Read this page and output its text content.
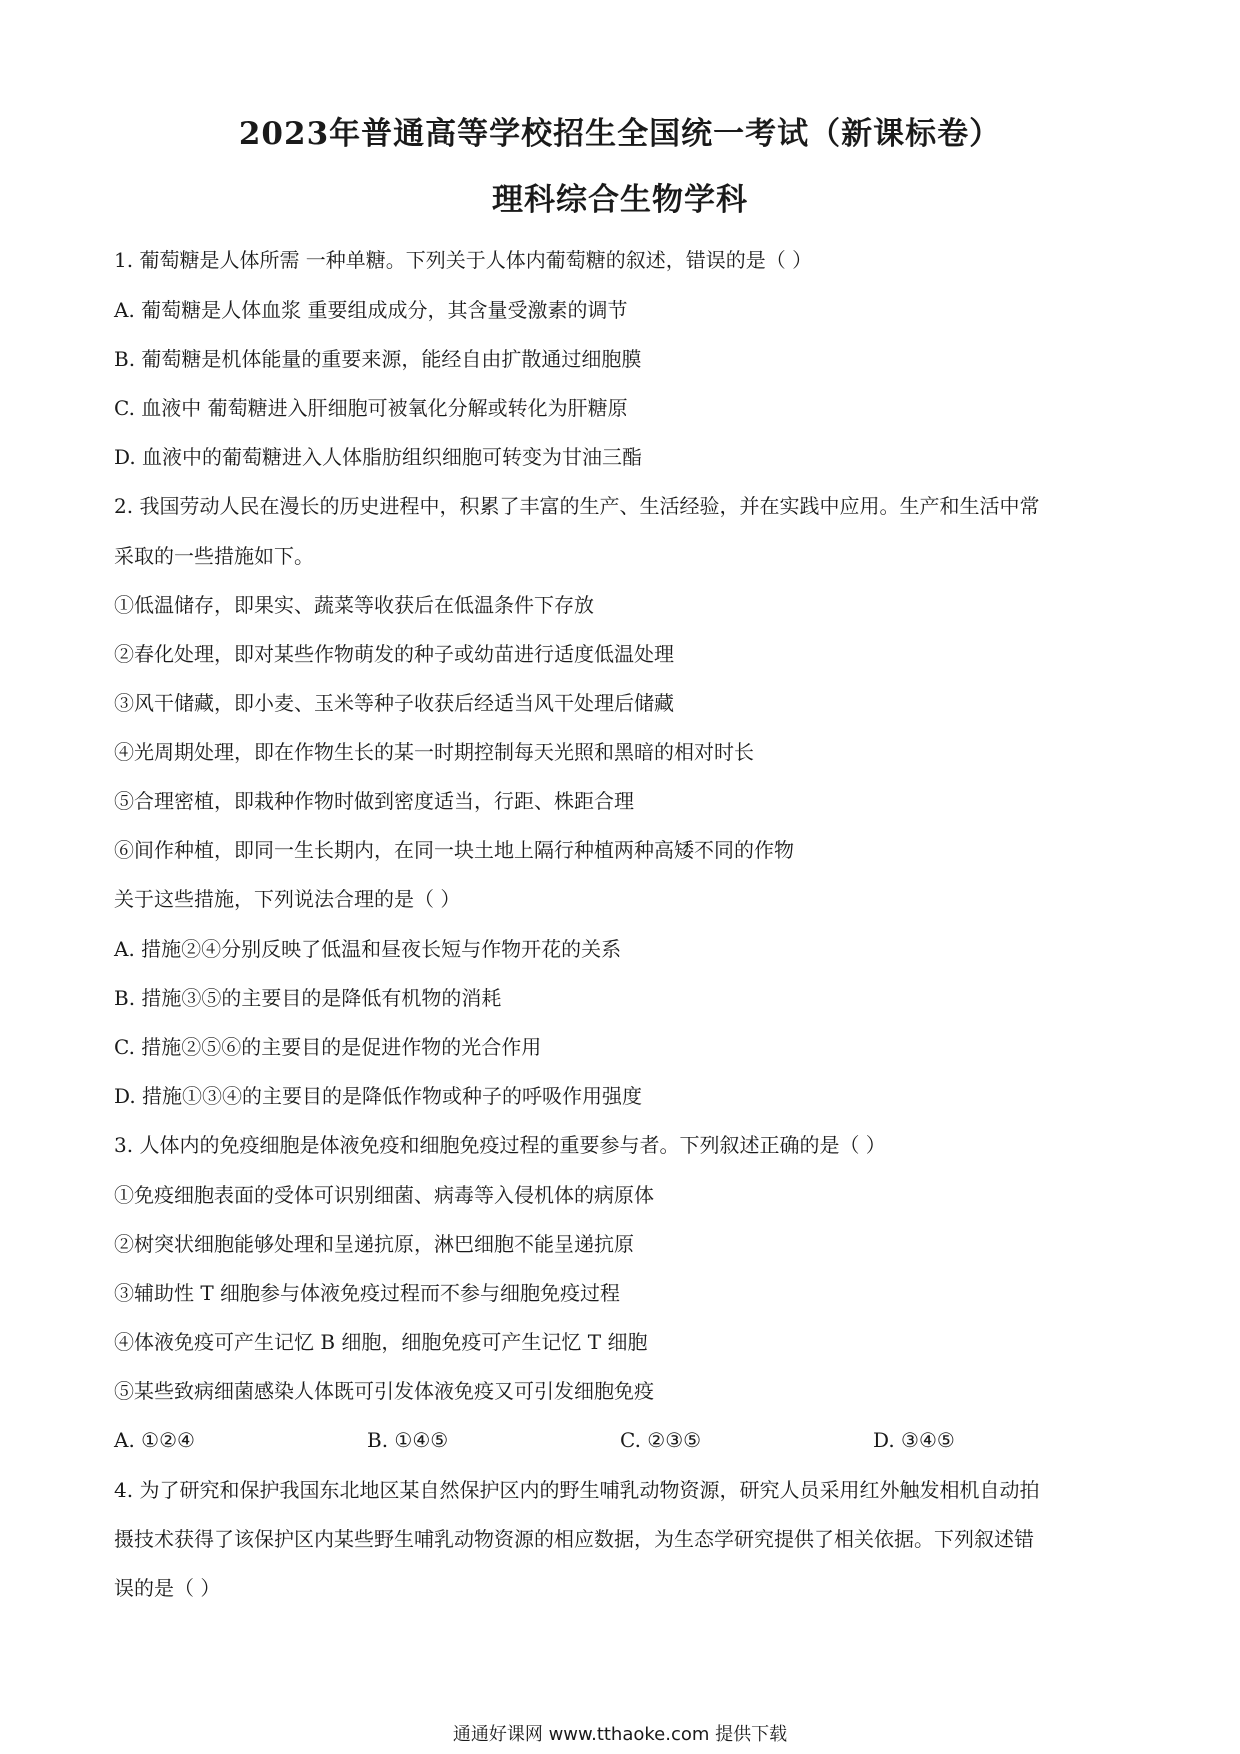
2023年普通高等学校招生全国统一考试（新课标卷）
理科综合生物学科
1. 葡萄糖是人体所需 一种单糖。下列关于人体内葡萄糖的叙述，错误的是（ ）
A. 葡萄糖是人体血浆 重要组成成分，其含量受激素的调节
B. 葡萄糖是机体能量的重要来源，能经自由扩散通过细胞膜
C. 血液中 葡萄糖进入肝细胞可被氧化分解或转化为肝糖原
D. 血液中的葡萄糖进入人体脂肪组织细胞可转变为甘油三酯
2. 我国劳动人民在漫长的历史进程中，积累了丰富的生产、生活经验，并在实践中应用。生产和生活中常
采取的一些措施如下。
①低温储存，即果实、蔬菜等收获后在低温条件下存放
②春化处理，即对某些作物萌发的种子或幼苗进行适度低温处理
③风干储藏，即小麦、玉米等种子收获后经适当风干处理后储藏
④光周期处理，即在作物生长的某一时期控制每天光照和黑暗的相对时长
⑤合理密植，即栽种作物时做到密度适当，行距、株距合理
⑥间作种植，即同一生长期内，在同一块土地上隔行种植两种高矮不同的作物
关于这些措施，下列说法合理的是（ ）
A. 措施②④分别反映了低温和昼夜长短与作物开花的关系
B. 措施③⑤的主要目的是降低有机物的消耗
C. 措施②⑤⑥的主要目的是促进作物的光合作用
D. 措施①③④的主要目的是降低作物或种子的呼吸作用强度
3. 人体内的免疫细胞是体液免疫和细胞免疫过程的重要参与者。下列叙述正确的是（ ）
①免疫细胞表面的受体可识别细菌、病毒等入侵机体的病原体
②树突状细胞能够处理和呈递抗原，淋巴细胞不能呈递抗原
③辅助性 T 细胞参与体液免疫过程而不参与细胞免疫过程
④体液免疫可产生记忆 B 细胞，细胞免疫可产生记忆 T 细胞
⑤某些致病细菌感染人体既可引发体液免疫又可引发细胞免疫
A. ①②④	B. ①④⑤	C. ②③⑤	D. ③④⑤
4. 为了研究和保护我国东北地区某自然保护区内的野生哺乳动物资源，研究人员采用红外触发相机自动拍
摄技术获得了该保护区内某些野生哺乳动物资源的相应数据，为生态学研究提供了相关依据。下列叙述错
误的是（ ）
通通好课网 www.tthaoke.com 提供下载
